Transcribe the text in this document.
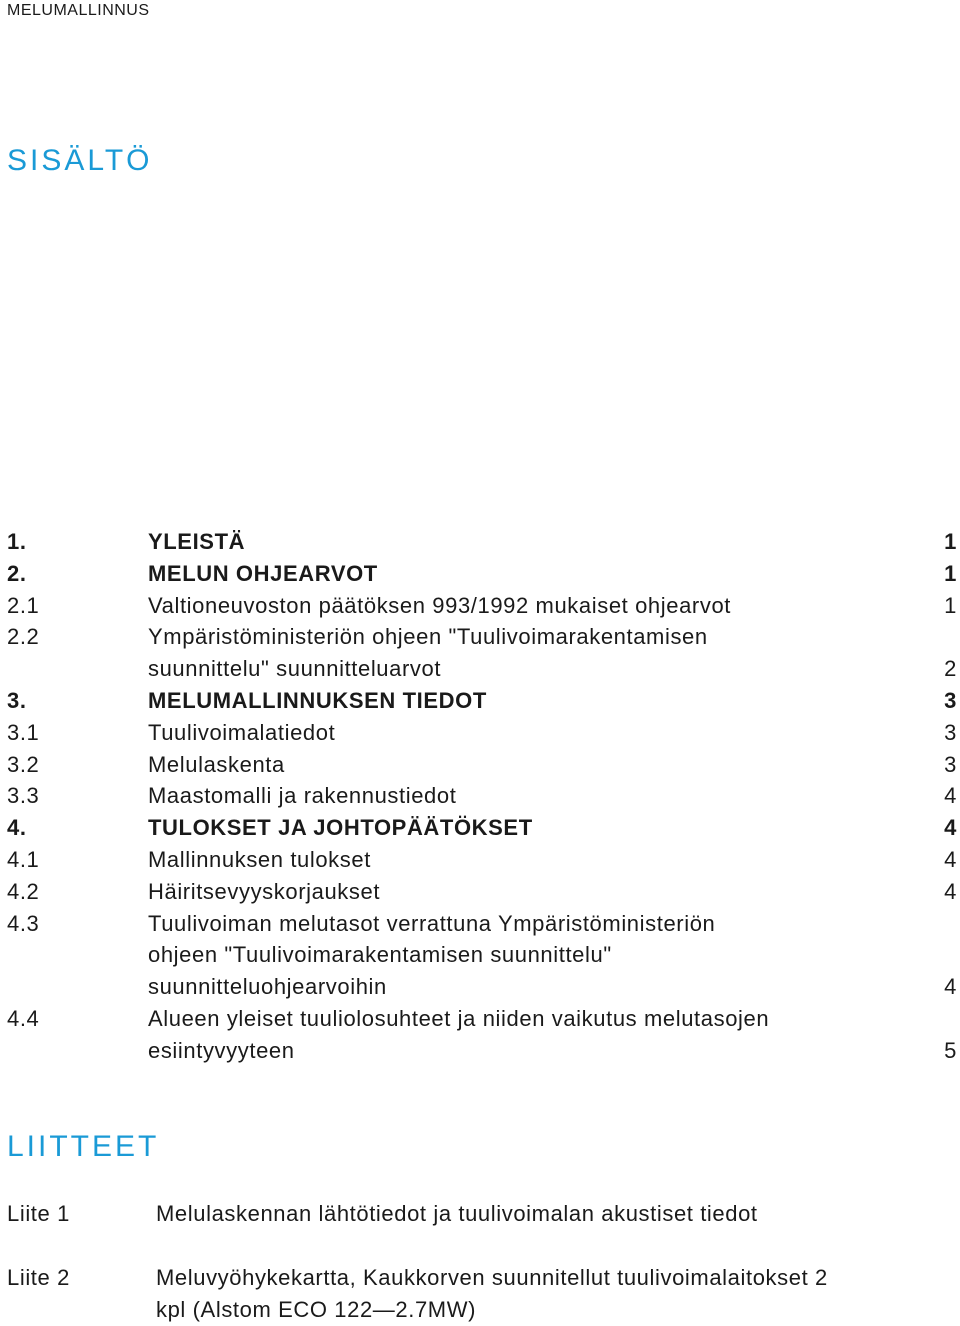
MELUMALLINNUS
SISÄLTÖ
1.	YLEISTÄ	1
2.	MELUN OHJEARVOT	1
2.1	Valtioneuvoston päätöksen 993/1992 mukaiset ohjearvot	1
2.2	Ympäristöministeriön ohjeen "Tuulivoimarakentamisen
suunnittelu" suunnitteluarvot	2
3.	MELUMALLINNUKSEN TIEDOT	3
3.1	Tuulivoimalatiedot	3
3.2	Melulaskenta	3
3.3	Maastomalli ja rakennustiedot	4
4.	TULOKSET JA JOHTOPÄÄTÖKSET	4
4.1	Mallinnuksen tulokset	4
4.2	Häiritsevyyskorjaukset	4
4.3	Tuulivoiman melutasot verrattuna Ympäristöministeriön
ohjeen "Tuulivoimarakentamisen suunnittelu"
suunnitteluohjearvoihin	4
4.4	Alueen yleiset tuuliolosuhteet ja niiden vaikutus melutasojen
esiintyvyyteen	5
LIITTEET
Liite 1	Melulaskennan lähtötiedot ja tuulivoimalan akustiset tiedot
Liite 2	Meluvyöhykekartta, Kaukkorven suunnitellut tuulivoimalaitokset 2
kpl (Alstom ECO 122—2.7MW)
